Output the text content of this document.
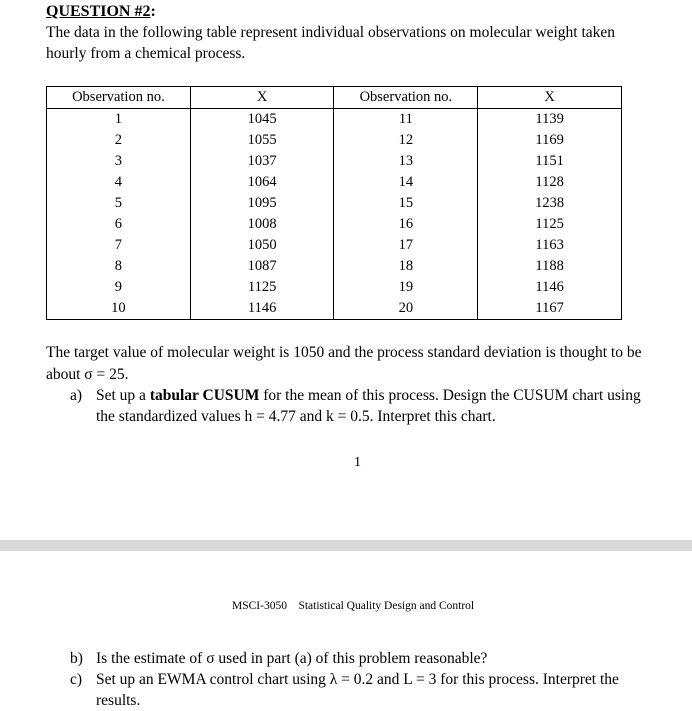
QUESTION #2:
The data in the following table represent individual observations on molecular weight taken hourly from a chemical process.
Observation no.	X	Observation no.	X
1	1045	11	1139
2	1055	12	1169
3	1037	13	1151
4	1064	14	1128
5	1095	15	1238
6	1008	16	1125
7	1050	17	1163
8	1087	18	1188
9	1125	19	1146
10	1146	20	1167
The target value of molecular weight is 1050 and the process standard deviation is thought to be about σ = 25.
a) Set up a tabular CUSUM for the mean of this process. Design the CUSUM chart using
the standardized values h = 4.77 and k = 0.5. Interpret this chart.
1
MSCI-3050    Statistical Quality Design and Control
b) Is the estimate of σ used in part (a) of this problem reasonable?
c) Set up an EWMA control chart using λ = 0.2 and L = 3 for this process. Interpret the
results.
